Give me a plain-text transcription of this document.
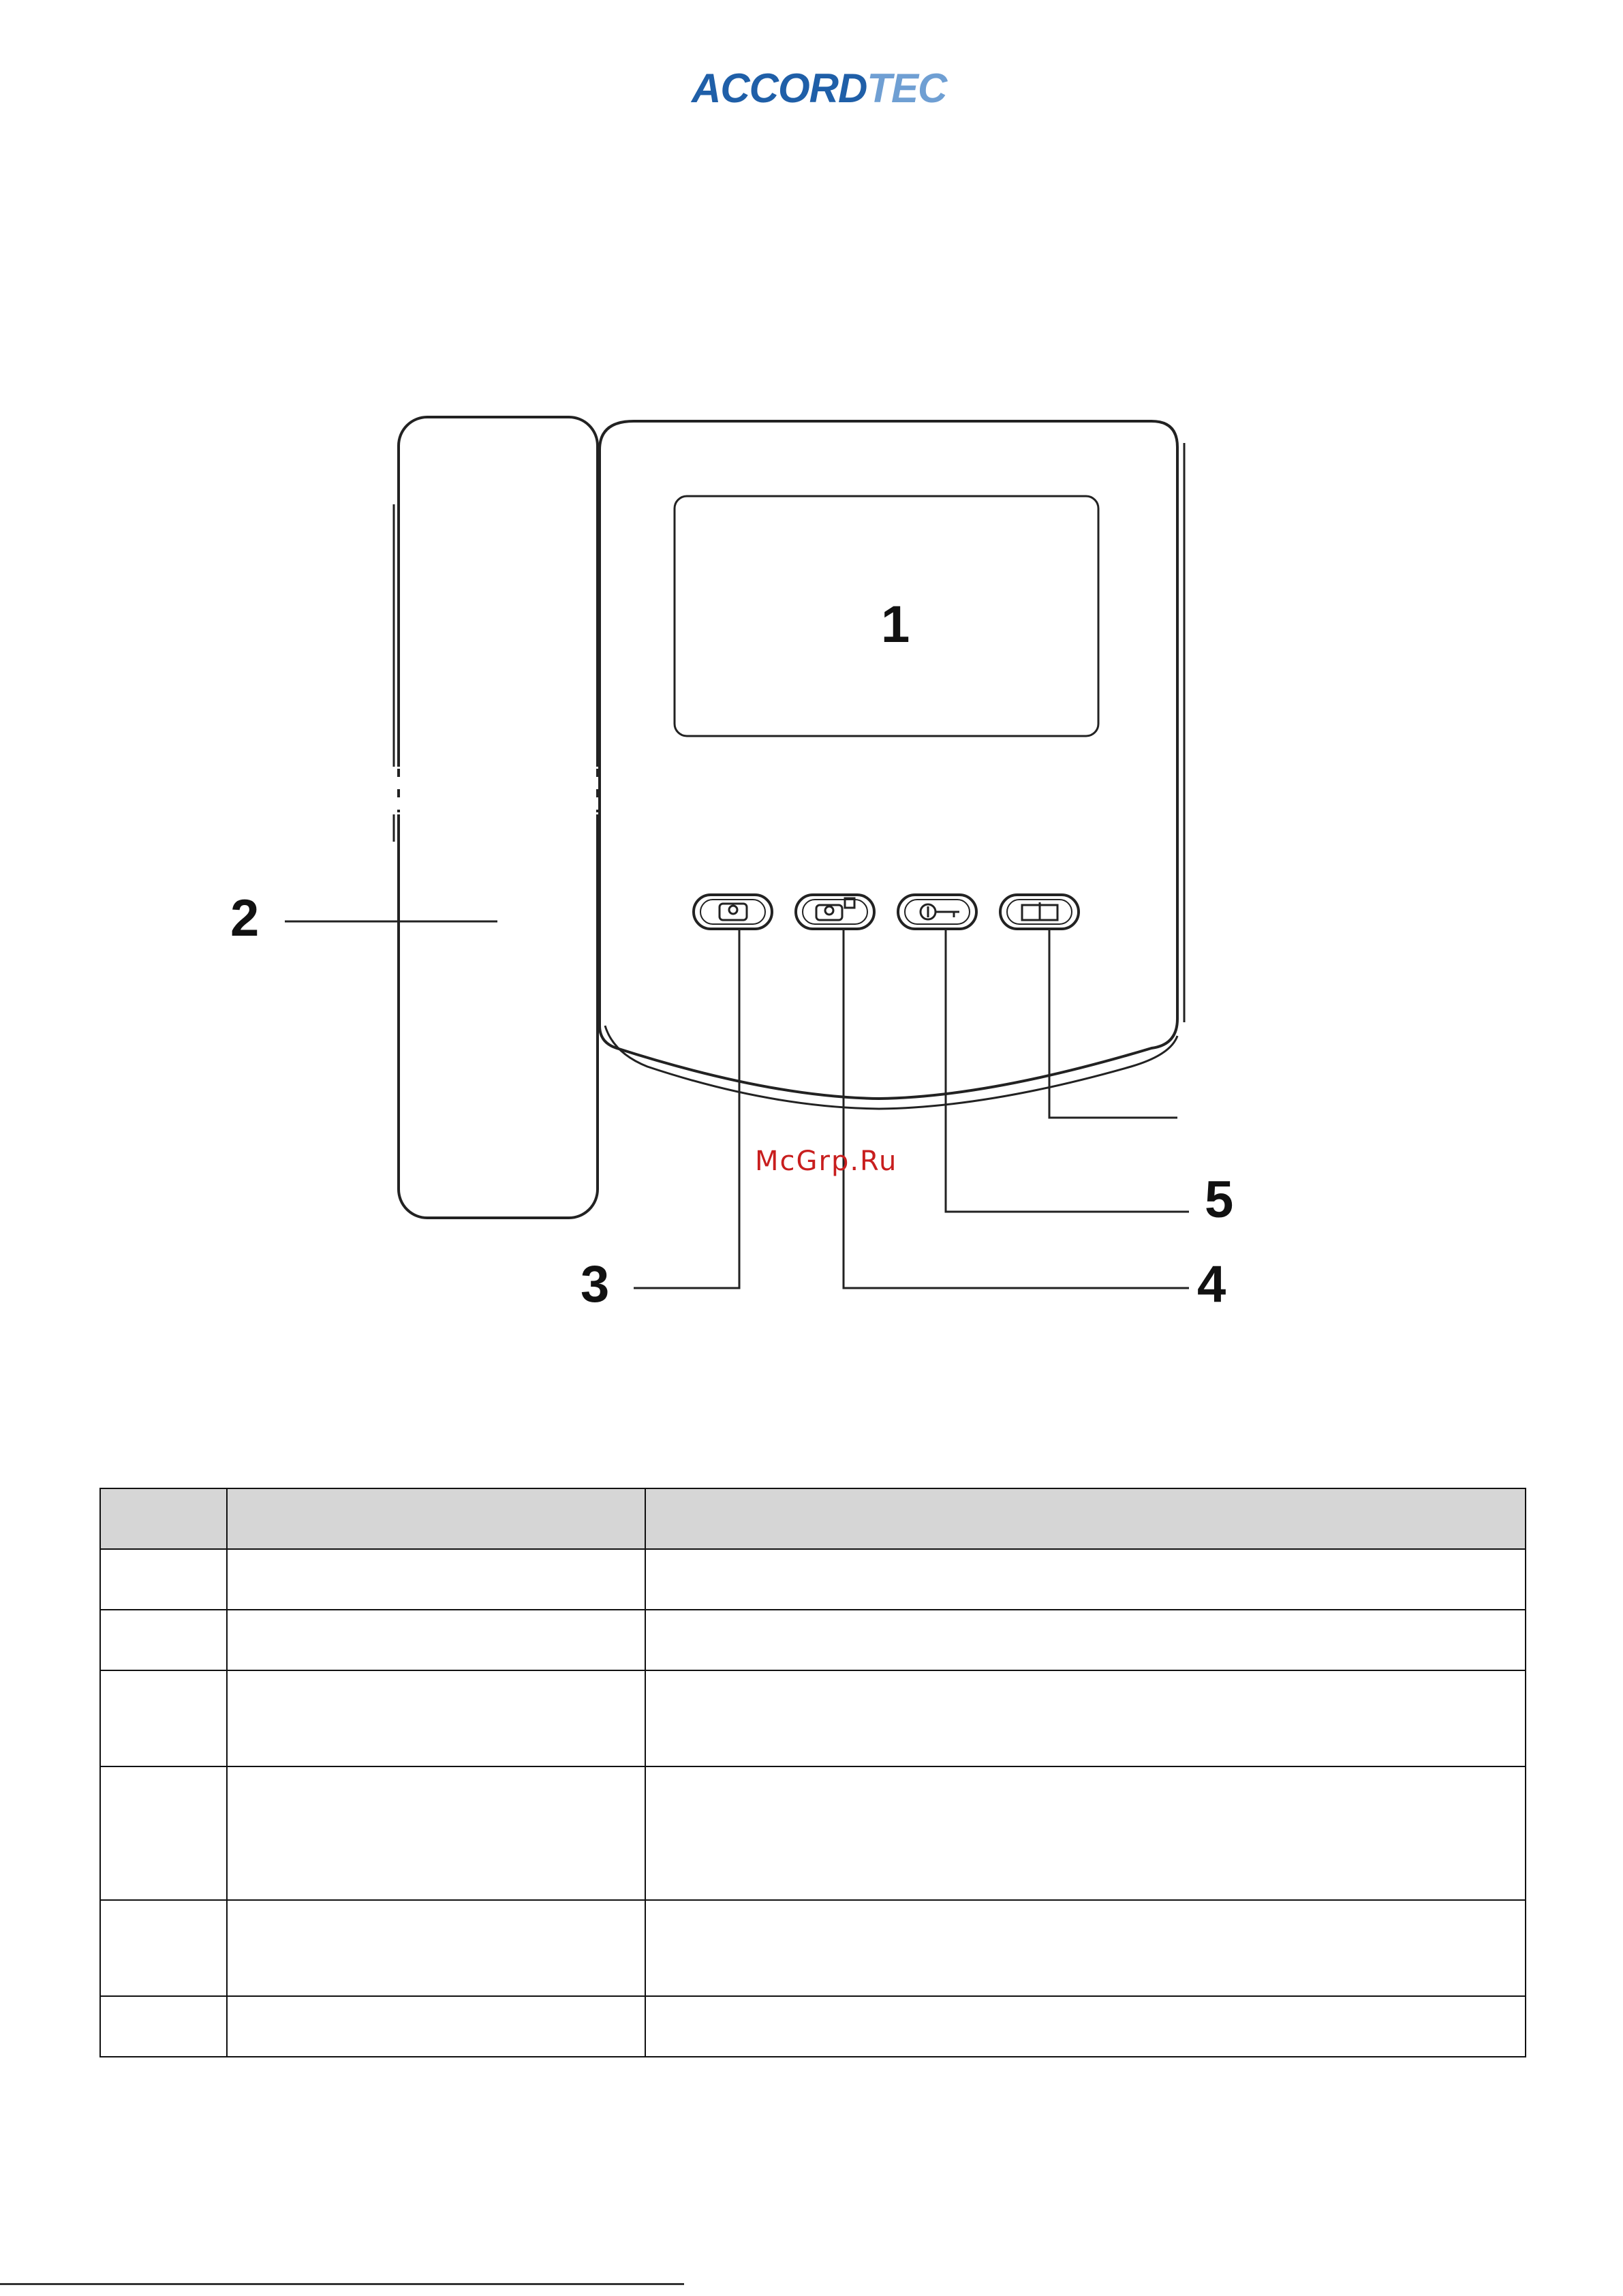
ACCORDTEC
1
2
3	4
5
McGrp.Ru
